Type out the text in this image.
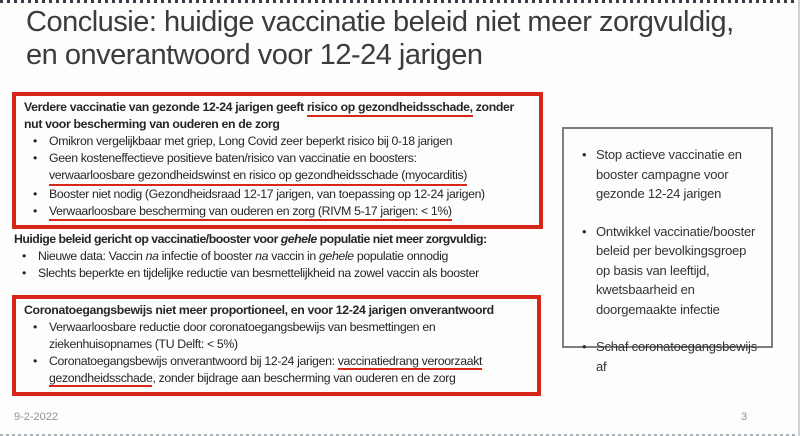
Conclusie: huidige vaccinatie beleid niet meer zorgvuldig, en onverantwoord voor 12-24 jarigen
Verdere vaccinatie van gezonde 12-24 jarigen geeft risico op gezondheidsschade, zonder nut voor bescherming van ouderen en de zorg
• Omikron vergelijkbaar met griep, Long Covid zeer beperkt risico bij 0-18 jarigen
• Geen kosteneffectieve positieve baten/risico van vaccinatie en boosters: verwaarloosbare gezondheidswinst en risico op gezondheidsschade (myocarditis)
• Booster niet nodig (Gezondheidsraad 12-17 jarigen, van toepassing op 12-24 jarigen)
• Verwaarloosbare bescherming van ouderen en zorg (RIVM 5-17 jarigen: < 1%)
Huidige beleid gericht op vaccinatie/booster voor gehele populatie niet meer zorgvuldig:
• Nieuwe data: Vaccin na infectie of booster na vaccin in gehele populatie onnodig
• Slechts beperkte en tijdelijke reductie van besmettelijkheid na zowel vaccin als booster
Coronatoegangsbewijs niet meer proportioneel, en voor 12-24 jarigen onverantwoord
• Verwaarloosbare reductie door coronatoegangsbewijs van besmettingen en ziekenhuisopnames (TU Delft: < 5%)
• Coronatoegangsbewijs onverantwoord bij 12-24 jarigen: vaccinatiedrang veroorzaakt gezondheidsschade, zonder bijdrage aan bescherming van ouderen en de zorg
• Stop actieve vaccinatie en booster campagne voor gezonde 12-24 jarigen
• Ontwikkel vaccinatie/booster beleid per bevolkingsgroep op basis van leeftijd, kwetsbaarheid en doorgemaakte infectie
• Schaf coronatoegangsbewijs af
9-2-2022	3
